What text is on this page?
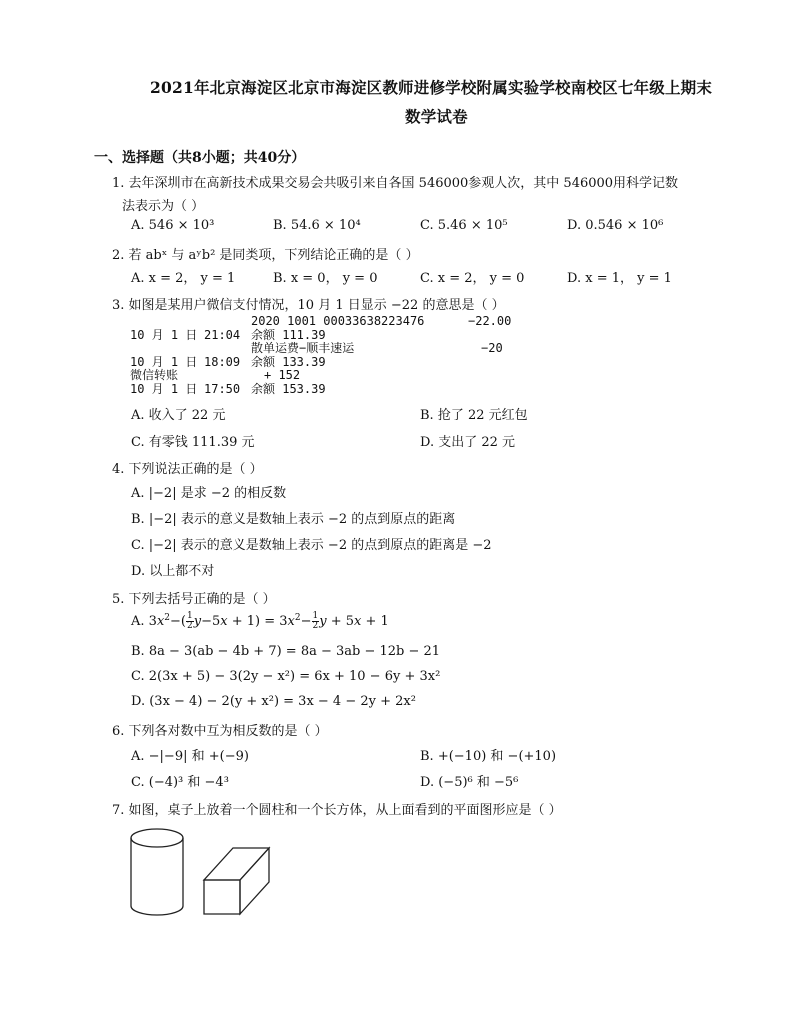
2021年北京海淀区北京市海淀区教师进修学校附属实验学校南校区七年级上期末
数学试卷
一、选择题（共8小题；共40分）
1. 去年深圳市在高新技术成果交易会共吸引来自各国 546000参观人次，其中 546000用科学记数
法表示为（ ）
A. 546 × 10³	B. 54.6 × 10⁴	C. 5.46 × 10⁵	D. 0.546 × 10⁶
2. 若 abˣ 与 aʸb² 是同类项，下列结论正确的是（ ）
A. x = 2， y = 1	B. x = 0， y = 0	C. x = 2， y = 0	D. x = 1， y = 1
3. 如图是某用户微信支付情况，10 月 1 日显示 −22 的意思是（ ）
2020 1001 00033638223476	−22.00
10 月 1 日 21:04 余额 111.39
散单运费−顺丰速运	−20
10 月 1 日 18:09 余额 133.39
微信转账	+ 152
10 月 1 日 17:50 余额 153.39
A. 收入了 22 元	B. 抢了 22 元红包
C. 有零钱 111.39 元	D. 支出了 22 元
4. 下列说法正确的是（ ）
A. |−2| 是求 −2 的相反数
B. |−2| 表示的意义是数轴上表示 −2 的点到原点的距离
C. |−2| 表示的意义是数轴上表示 −2 的点到原点的距离是 −2
D. 以上都不对
5. 下列去括号正确的是（ ）
A. $3x^2-( \frac{1}{2} y-5x + 1) = 3x^2- \frac{1}{2}$ y + 5x + 1
B. 8a − 3(ab − 4b + 7) = 8a − 3ab − 12b − 21
C. 2(3x + 5) − 3(2y − x²) = 6x + 10 − 6y + 3x²
D. (3x − 4) − 2(y + x²) = 3x − 4 − 2y + 2x²
6. 下列各对数中互为相反数的是（ ）
A. −|−9| 和 +(−9)	B. +(−10) 和 −(+10)
C. (−4)³ 和 −4³	D. (−5)⁶ 和 −5⁶
7. 如图，桌子上放着一个圆柱和一个长方体，从上面看到的平面图形应是（ ）
